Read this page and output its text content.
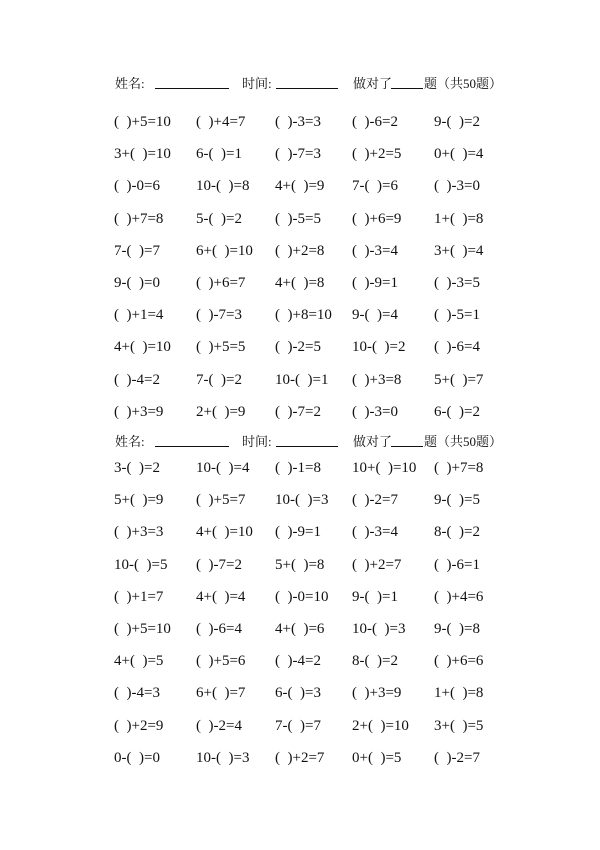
姓名:	时间:	做对了 题（共50题）
(  )+5=10 (  )+4=7 (  )-3=3 (  )-6=2 9-(  )=2
3+(  )=10 6-(  )=1 (  )-7=3 (  )+2=5 0+(  )=4
(  )-0=6 10-(  )=8 4+(  )=9 7-(  )=6 (  )-3=0
(  )+7=8 5-(  )=2 (  )-5=5 (  )+6=9 1+(  )=8
7-(  )=7 6+(  )=10 (  )+2=8 (  )-3=4 3+(  )=4
9-(  )=0 (  )+6=7 4+(  )=8 (  )-9=1 (  )-3=5
(  )+1=4 (  )-7=3 (  )+8=10 9-(  )=4 (  )-5=1
4+(  )=10 (  )+5=5 (  )-2=5 10-(  )=2 (  )-6=4
(  )-4=2 7-(  )=2 10-(  )=1 (  )+3=8 5+(  )=7
(  )+3=9 2+(  )=9 (  )-7=2 (  )-3=0 6-(  )=2
姓名:	时间:	做对了 题（共50题）
3-(  )=2 10-(  )=4 (  )-1=8 10+(  )=10 (  )+7=8
5+(  )=9 (  )+5=7 10-(  )=3 (  )-2=7 9-(  )=5
(  )+3=3 4+(  )=10 (  )-9=1 (  )-3=4 8-(  )=2
10-(  )=5 (  )-7=2 5+(  )=8 (  )+2=7 (  )-6=1
(  )+1=7 4+(  )=4 (  )-0=10 9-(  )=1 (  )+4=6
(  )+5=10 (  )-6=4 4+(  )=6 10-(  )=3 9-(  )=8
4+(  )=5 (  )+5=6 (  )-4=2 8-(  )=2 (  )+6=6
(  )-4=3 6+(  )=7 6-(  )=3 (  )+3=9 1+(  )=8
(  )+2=9 (  )-2=4 7-(  )=7 2+(  )=10 3+(  )=5
0-(  )=0 10-(  )=3 (  )+2=7 0+(  )=5 (  )-2=7
